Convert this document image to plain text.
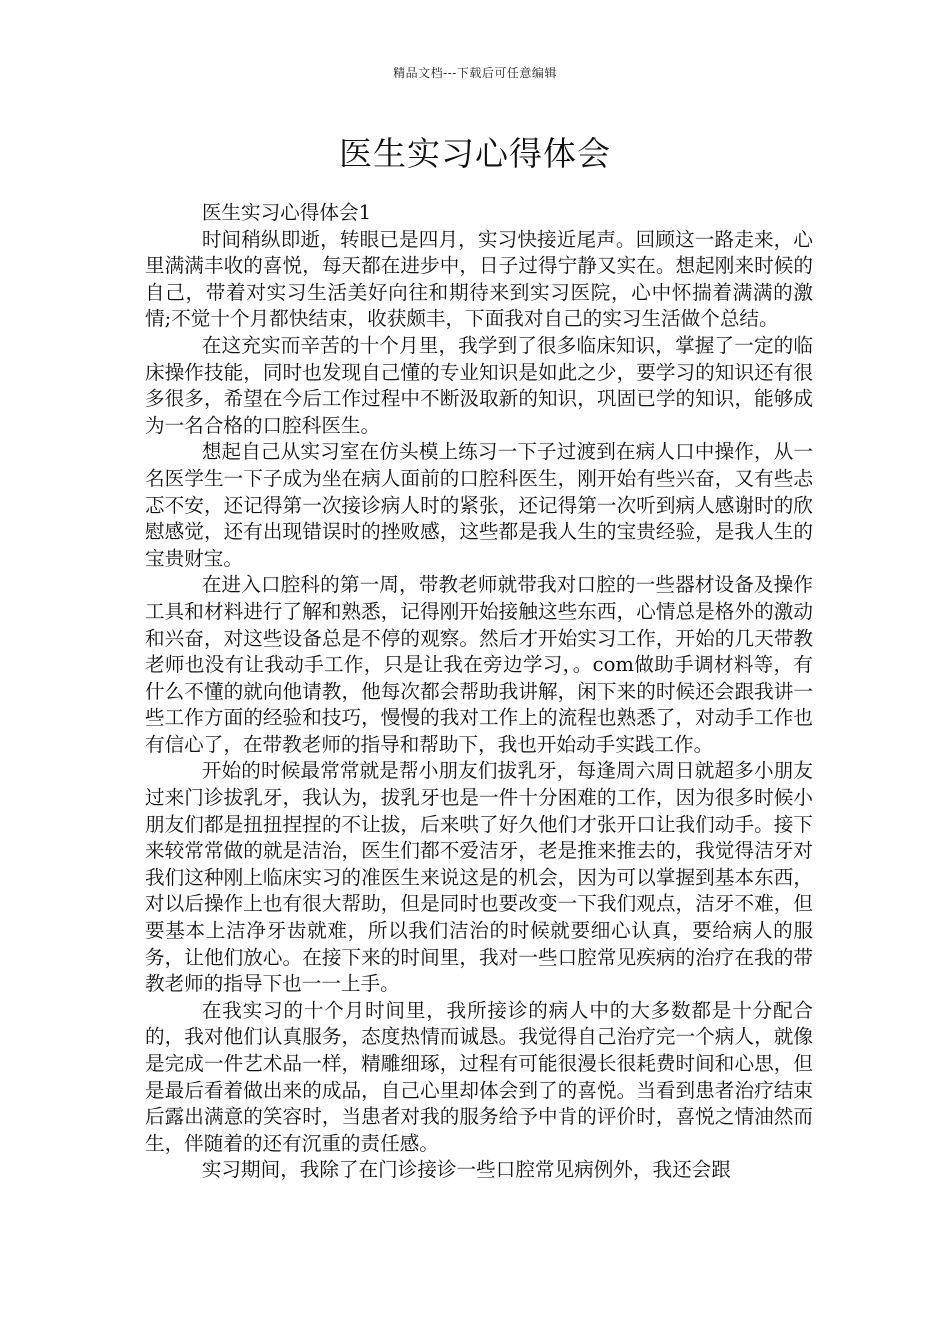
精品文档---下载后可任意编辑
医生实习心得体会

医生实习心得体会1

时间稍纵即逝，转眼已是四月，实习快接近尾声。回顾这一路走来，心里满满丰收的喜悦，每天都在进步中，日子过得宁静又实在。想起刚来时候的自己，带着对实习生活美好向往和期待来到实习医院，心中怀揣着满满的激情;不觉十个月都快结束，收获颇丰，下面我对自己的实习生活做个总结。

在这充实而辛苦的十个月里，我学到了很多临床知识，掌握了一定的临床操作技能，同时也发现自己懂的专业知识是如此之少，要学习的知识还有很多很多，希望在今后工作过程中不断汲取新的知识，巩固已学的知识，能够成为一名合格的口腔科医生。

想起自己从实习室在仿头模上练习一下子过渡到在病人口中操作，从一名医学生一下子成为坐在病人面前的口腔科医生，刚开始有些兴奋，又有些忐忑不安，还记得第一次接诊病人时的紧张，还记得第一次听到病人感谢时的欣慰感觉，还有出现错误时的挫败感，这些都是我人生的宝贵经验，是我人生的宝贵财宝。

在进入口腔科的第一周，带教老师就带我对口腔的一些器材设备及操作工具和材料进行了解和熟悉，记得刚开始接触这些东西，心情总是格外的激动和兴奋，对这些设备总是不停的观察。然后才开始实习工作，开始的几天带教老师也没有让我动手工作，只是让我在旁边学习，。com做助手调材料等，有什么不懂的就向他请教，他每次都会帮助我讲解，闲下来的时候还会跟我讲一些工作方面的经验和技巧，慢慢的我对工作上的流程也熟悉了，对动手工作也有信心了，在带教老师的指导和帮助下，我也开始动手实践工作。

开始的时候最常常就是帮小朋友们拔乳牙，每逢周六周日就超多小朋友过来门诊拔乳牙，我认为，拔乳牙也是一件十分困难的工作，因为很多时候小朋友们都是扭扭捏捏的不让拔，后来哄了好久他们才张开口让我们动手。接下来较常常做的就是洁治，医生们都不爱洁牙，老是推来推去的，我觉得洁牙对我们这种刚上临床实习的准医生来说这是的机会，因为可以掌握到基本东西，对以后操作上也有很大帮助，但是同时也要改变一下我们观点，洁牙不难，但要基本上洁净牙齿就难，所以我们洁治的时候就要细心认真，要给病人的服务，让他们放心。在接下来的时间里，我对一些口腔常见疾病的治疗在我的带教老师的指导下也一一上手。

在我实习的十个月时间里，我所接诊的病人中的大多数都是十分配合的，我对他们认真服务，态度热情而诚恳。我觉得自己治疗完一个病人，就像是完成一件艺术品一样，精雕细琢，过程有可能很漫长很耗费时间和心思，但是最后看着做出来的成品，自己心里却体会到了的喜悦。当看到患者治疗结束后露出满意的笑容时，当患者对我的服务给予中肯的评价时，喜悦之情油然而生，伴随着的还有沉重的责任感。

实习期间，我除了在门诊接诊一些口腔常见病例外，我还会跟
